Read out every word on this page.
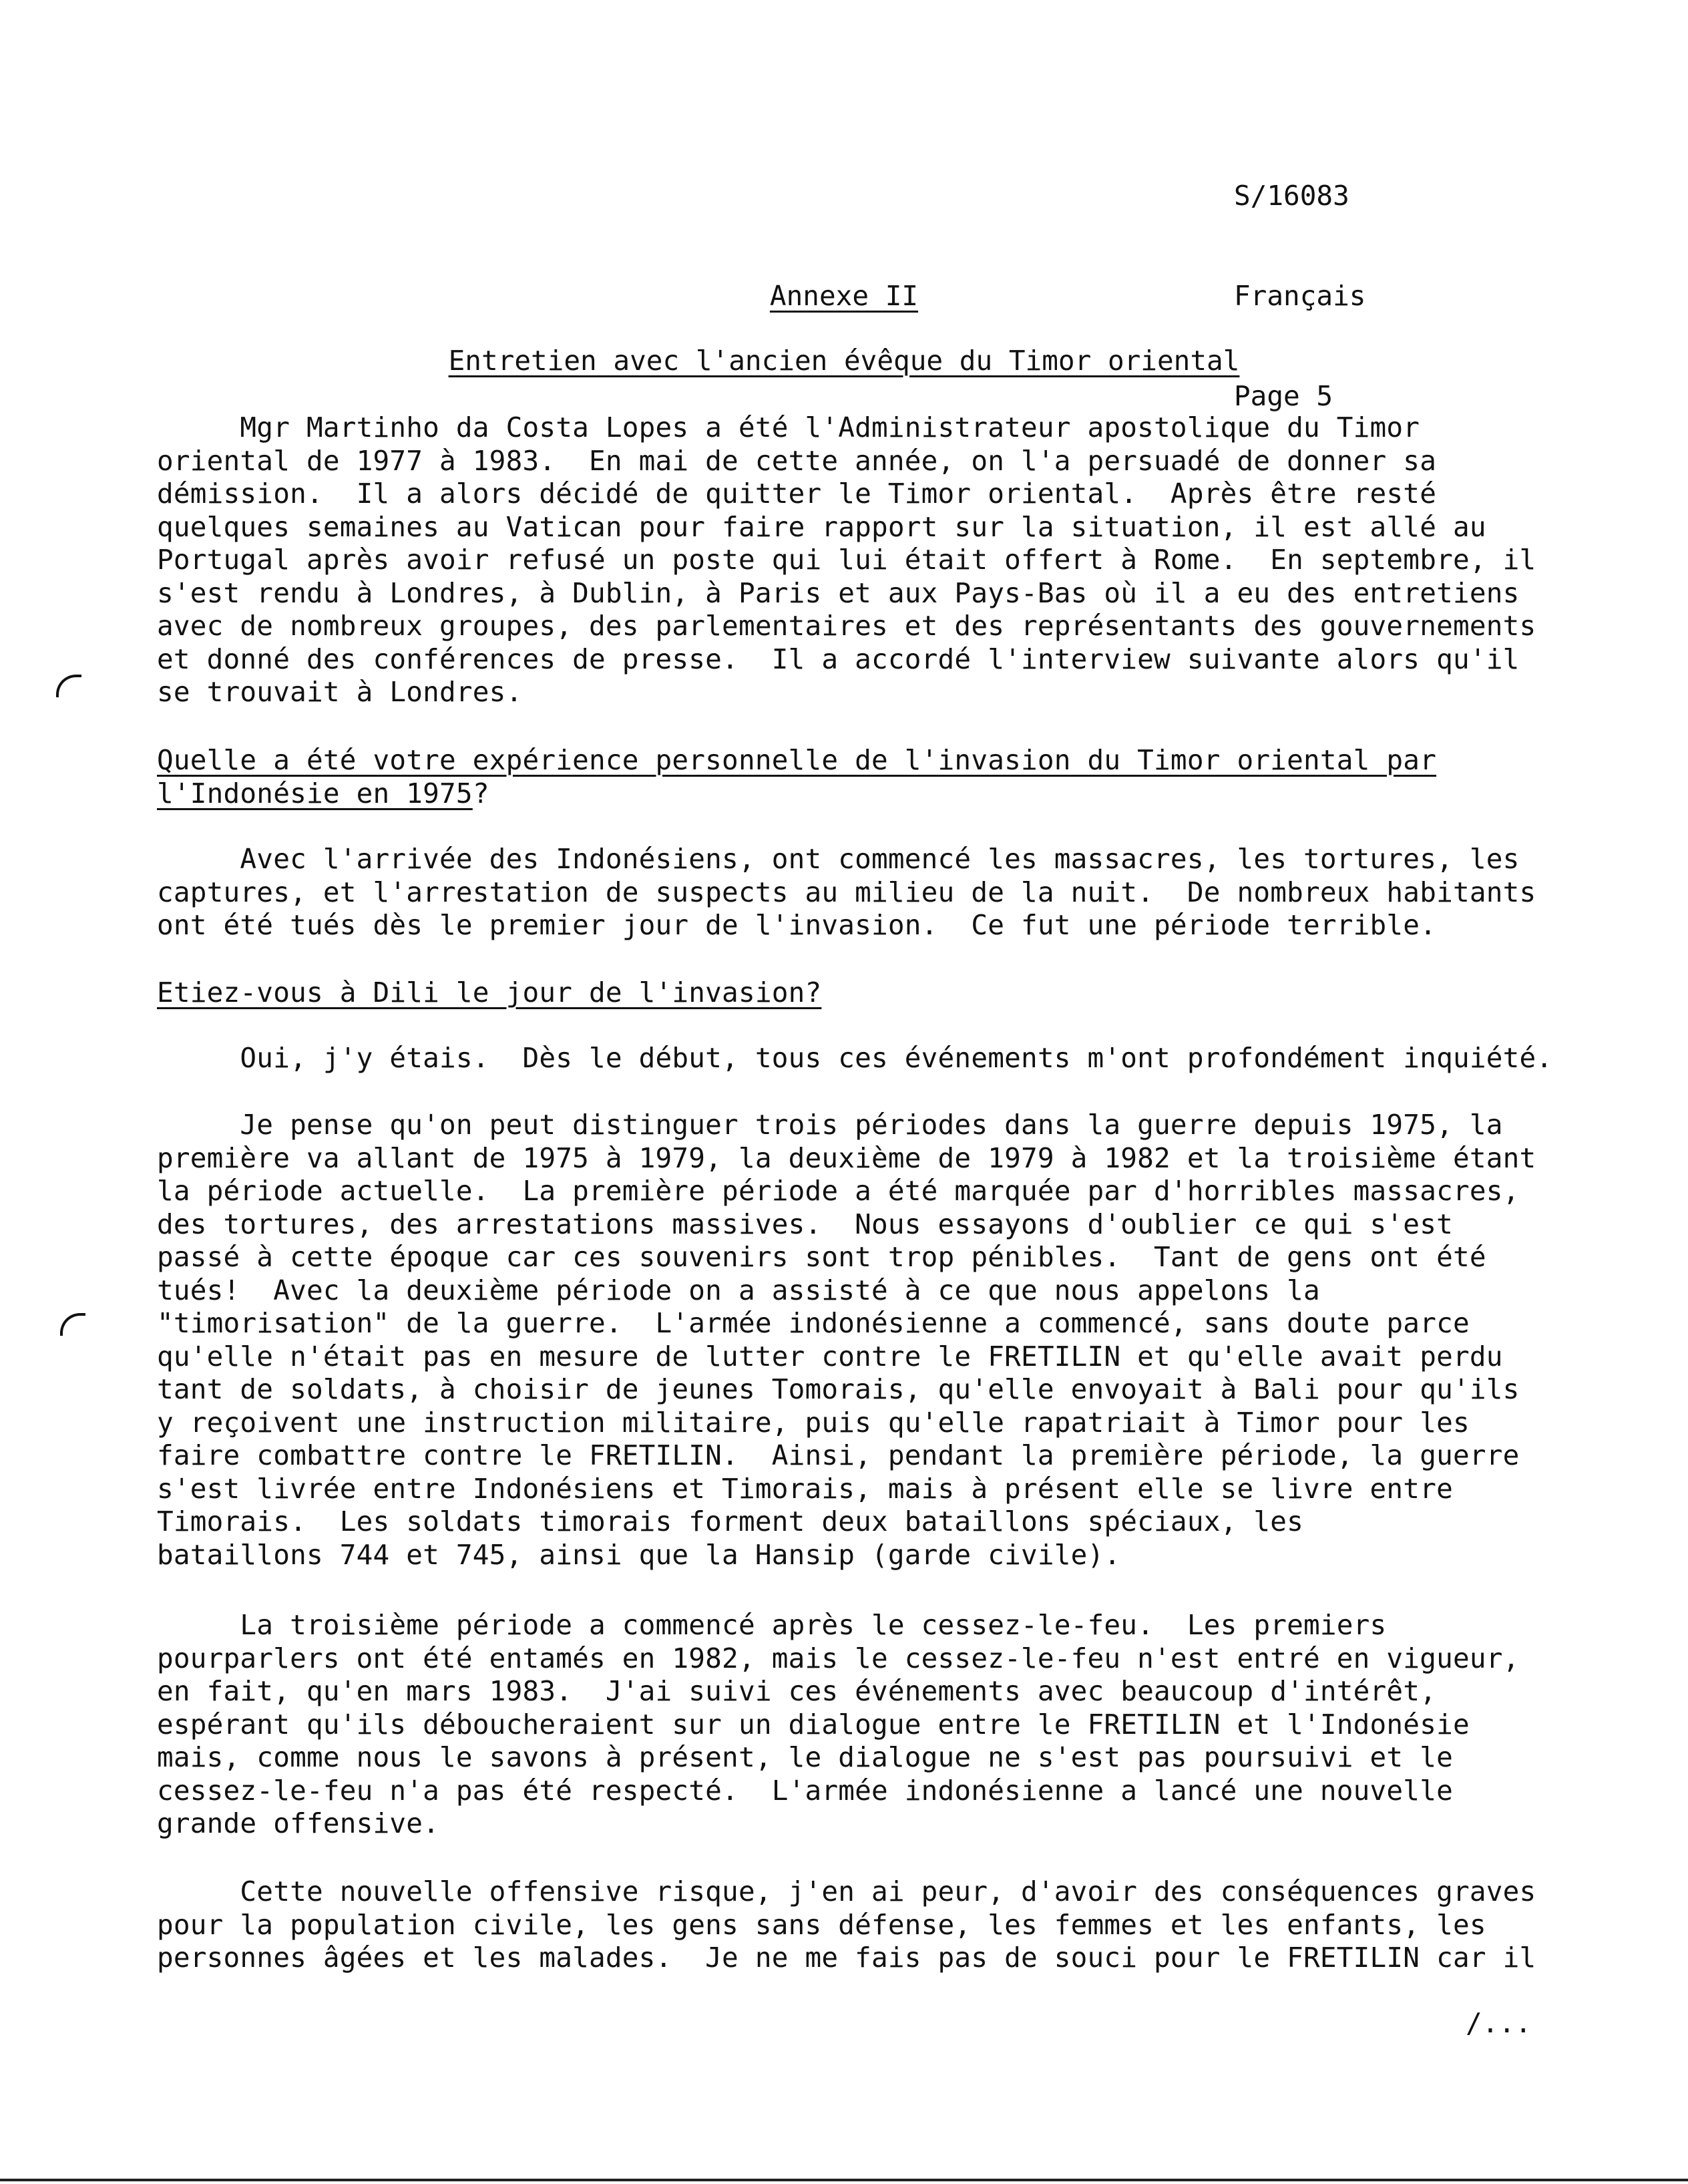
S/16083

Français

Page 5

Annexe II
Entretien avec l'ancien évêque du Timor oriental
Mgr Martinho da Costa Lopes a été l'Administrateur apostolique du Timor
oriental de 1977 à 1983.  En mai de cette année, on l'a persuadé de donner sa
démission.  Il a alors décidé de quitter le Timor oriental.  Après être resté
quelques semaines au Vatican pour faire rapport sur la situation, il est allé au
Portugal après avoir refusé un poste qui lui était offert à Rome.  En septembre, il
s'est rendu à Londres, à Dublin, à Paris et aux Pays-Bas où il a eu des entretiens
avec de nombreux groupes, des parlementaires et des représentants des gouvernements
et donné des conférences de presse.  Il a accordé l'interview suivante alors qu'il
se trouvait à Londres.
Quelle a été votre expérience personnelle de l'invasion du Timor oriental par
l'Indonésie en 1975?
Avec l'arrivée des Indonésiens, ont commencé les massacres, les tortures, les
captures, et l'arrestation de suspects au milieu de la nuit.  De nombreux habitants
ont été tués dès le premier jour de l'invasion.  Ce fut une période terrible.
Etiez-vous à Dili le jour de l'invasion?
Oui, j'y étais.  Dès le début, tous ces événements m'ont profondément inquiété.
Je pense qu'on peut distinguer trois périodes dans la guerre depuis 1975, la
première va allant de 1975 à 1979, la deuxième de 1979 à 1982 et la troisième étant
la période actuelle.  La première période a été marquée par d'horribles massacres,
des tortures, des arrestations massives.  Nous essayons d'oublier ce qui s'est
passé à cette époque car ces souvenirs sont trop pénibles.  Tant de gens ont été
tués!  Avec la deuxième période on a assisté à ce que nous appelons la
"timorisation" de la guerre.  L'armée indonésienne a commencé, sans doute parce
qu'elle n'était pas en mesure de lutter contre le FRETILIN et qu'elle avait perdu
tant de soldats, à choisir de jeunes Tomorais, qu'elle envoyait à Bali pour qu'ils
y reçoivent une instruction militaire, puis qu'elle rapatriait à Timor pour les
faire combattre contre le FRETILIN.  Ainsi, pendant la première période, la guerre
s'est livrée entre Indonésiens et Timorais, mais à présent elle se livre entre
Timorais.  Les soldats timorais forment deux bataillons spéciaux, les
bataillons 744 et 745, ainsi que la Hansip (garde civile).
La troisième période a commencé après le cessez-le-feu.  Les premiers
pourparlers ont été entamés en 1982, mais le cessez-le-feu n'est entré en vigueur,
en fait, qu'en mars 1983.  J'ai suivi ces événements avec beaucoup d'intérêt,
espérant qu'ils déboucheraient sur un dialogue entre le FRETILIN et l'Indonésie
mais, comme nous le savons à présent, le dialogue ne s'est pas poursuivi et le
cessez-le-feu n'a pas été respecté.  L'armée indonésienne a lancé une nouvelle
grande offensive.
Cette nouvelle offensive risque, j'en ai peur, d'avoir des conséquences graves
pour la population civile, les gens sans défense, les femmes et les enfants, les
personnes âgées et les malades.  Je ne me fais pas de souci pour le FRETILIN car il
/...
